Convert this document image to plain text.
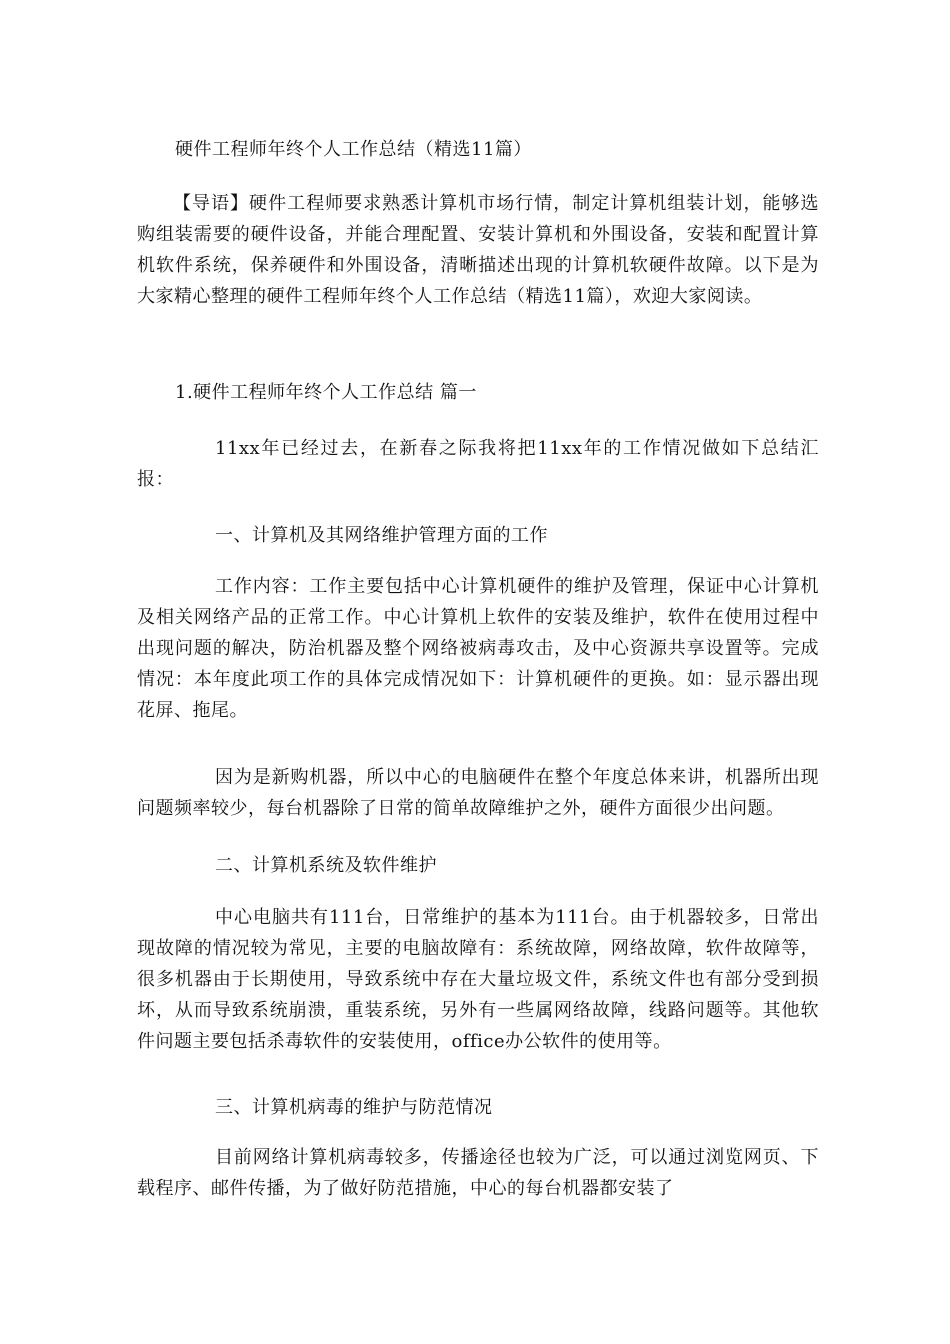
硬件工程师年终个人工作总结（精选11篇）

【导语】硬件工程师要求熟悉计算机市场行情，制定计算机组装计划，能够选购组装需要的硬件设备，并能合理配置、安装计算机和外围设备，安装和配置计算机软件系统，保养硬件和外围设备，清晰描述出现的计算机软硬件故障。以下是为大家精心整理的硬件工程师年终个人工作总结（精选11篇），欢迎大家阅读。

1.硬件工程师年终个人工作总结 篇一

11xx年已经过去，在新春之际我将把11xx年的工作情况做如下总结汇报：

一、计算机及其网络维护管理方面的工作

工作内容：工作主要包括中心计算机硬件的维护及管理，保证中心计算机及相关网络产品的正常工作。中心计算机上软件的安装及维护，软件在使用过程中出现问题的解决，防治机器及整个网络被病毒攻击，及中心资源共享设置等。完成情况：本年度此项工作的具体完成情况如下：计算机硬件的更换。如：显示器出现花屏、拖尾。

因为是新购机器，所以中心的电脑硬件在整个年度总体来讲，机器所出现问题频率较少，每台机器除了日常的简单故障维护之外，硬件方面很少出问题。

二、计算机系统及软件维护

中心电脑共有111台，日常维护的基本为111台。由于机器较多，日常出现故障的情况较为常见，主要的电脑故障有：系统故障，网络故障，软件故障等，很多机器由于长期使用，导致系统中存在大量垃圾文件，系统文件也有部分受到损坏，从而导致系统崩溃，重装系统，另外有一些属网络故障，线路问题等。其他软件问题主要包括杀毒软件的安装使用，office办公软件的使用等。

三、计算机病毒的维护与防范情况

目前网络计算机病毒较多，传播途径也较为广泛，可以通过浏览网页、下载程序、邮件传播，为了做好防范措施，中心的每台机器都安装了
